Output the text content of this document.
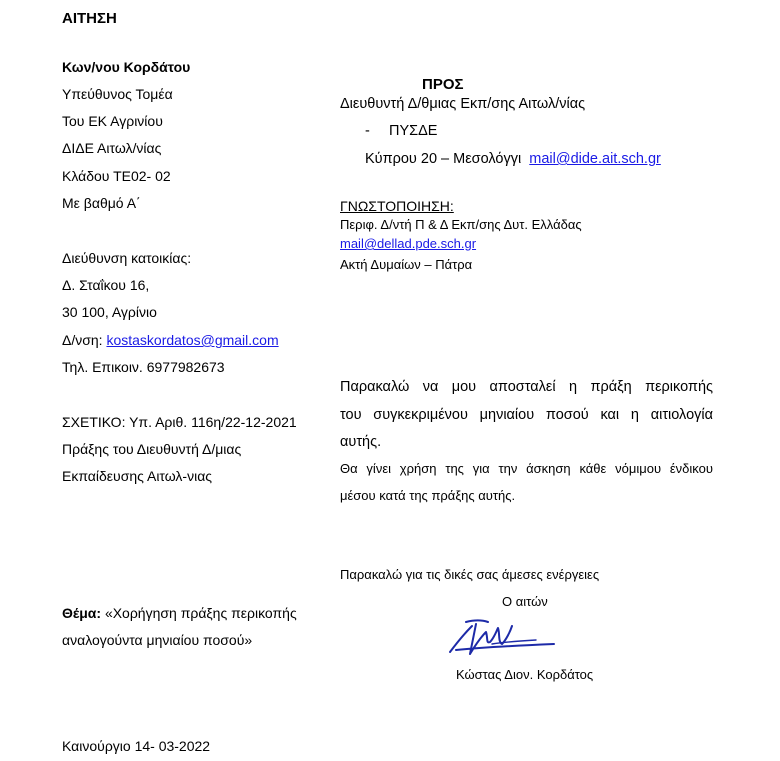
ΑΙΤΗΣΗ
Κων/νου Κορδάτου
Υπεύθυνος Τομέα
Του ΕΚ Αγρινίου
ΔΙΔΕ Αιτωλ/νίας
Κλάδου ΤΕ02- 02
Με βαθμό Α΄
Διεύθυνση κατοικίας:
Δ. Σταΐκου 16,
30 100, Αγρίνιο
Δ/νση: kostaskordatos@gmail.com
Τηλ. Επικοιν. 6977982673
ΣΧΕΤΙΚΟ: Υπ. Αριθ. 116η/22-12-2021
Πράξης του Διευθυντή Δ/μιας
Εκπαίδευσης Αιτωλ-νιας
Θέμα: «Χορήγηση πράξης περικοπής
αναλογούντα μηνιαίου ποσού»
Καινούργιο 14- 03-2022
ΠΡΟΣ
Διευθυντή Δ/θμιας Εκπ/σης Αιτωλ/νίας
- ΠΥΣΔΕ
Κύπρου 20 – Μεσολόγγι mail@dide.ait.sch.gr
ΓΝΩΣΤΟΠΟΙΗΣΗ:
Περιφ. Δ/ντή Π & Δ Εκπ/σης Δυτ. Ελλάδας
mail@dellad.pde.sch.gr
Ακτή Δυμαίων – Πάτρα
Παρακαλώ να μου αποσταλεί η πράξη περικοπής
του συγκεκριμένου μηνιαίου ποσού και η αιτιολογία
αυτής.
Θα γίνει χρήση της για την άσκηση κάθε νόμιμου ένδικου
μέσου κατά της πράξης αυτής.
Παρακαλώ για τις δικές σας άμεσες ενέργειες
Ο αιτών
Κώστας Διον. Κορδάτος
